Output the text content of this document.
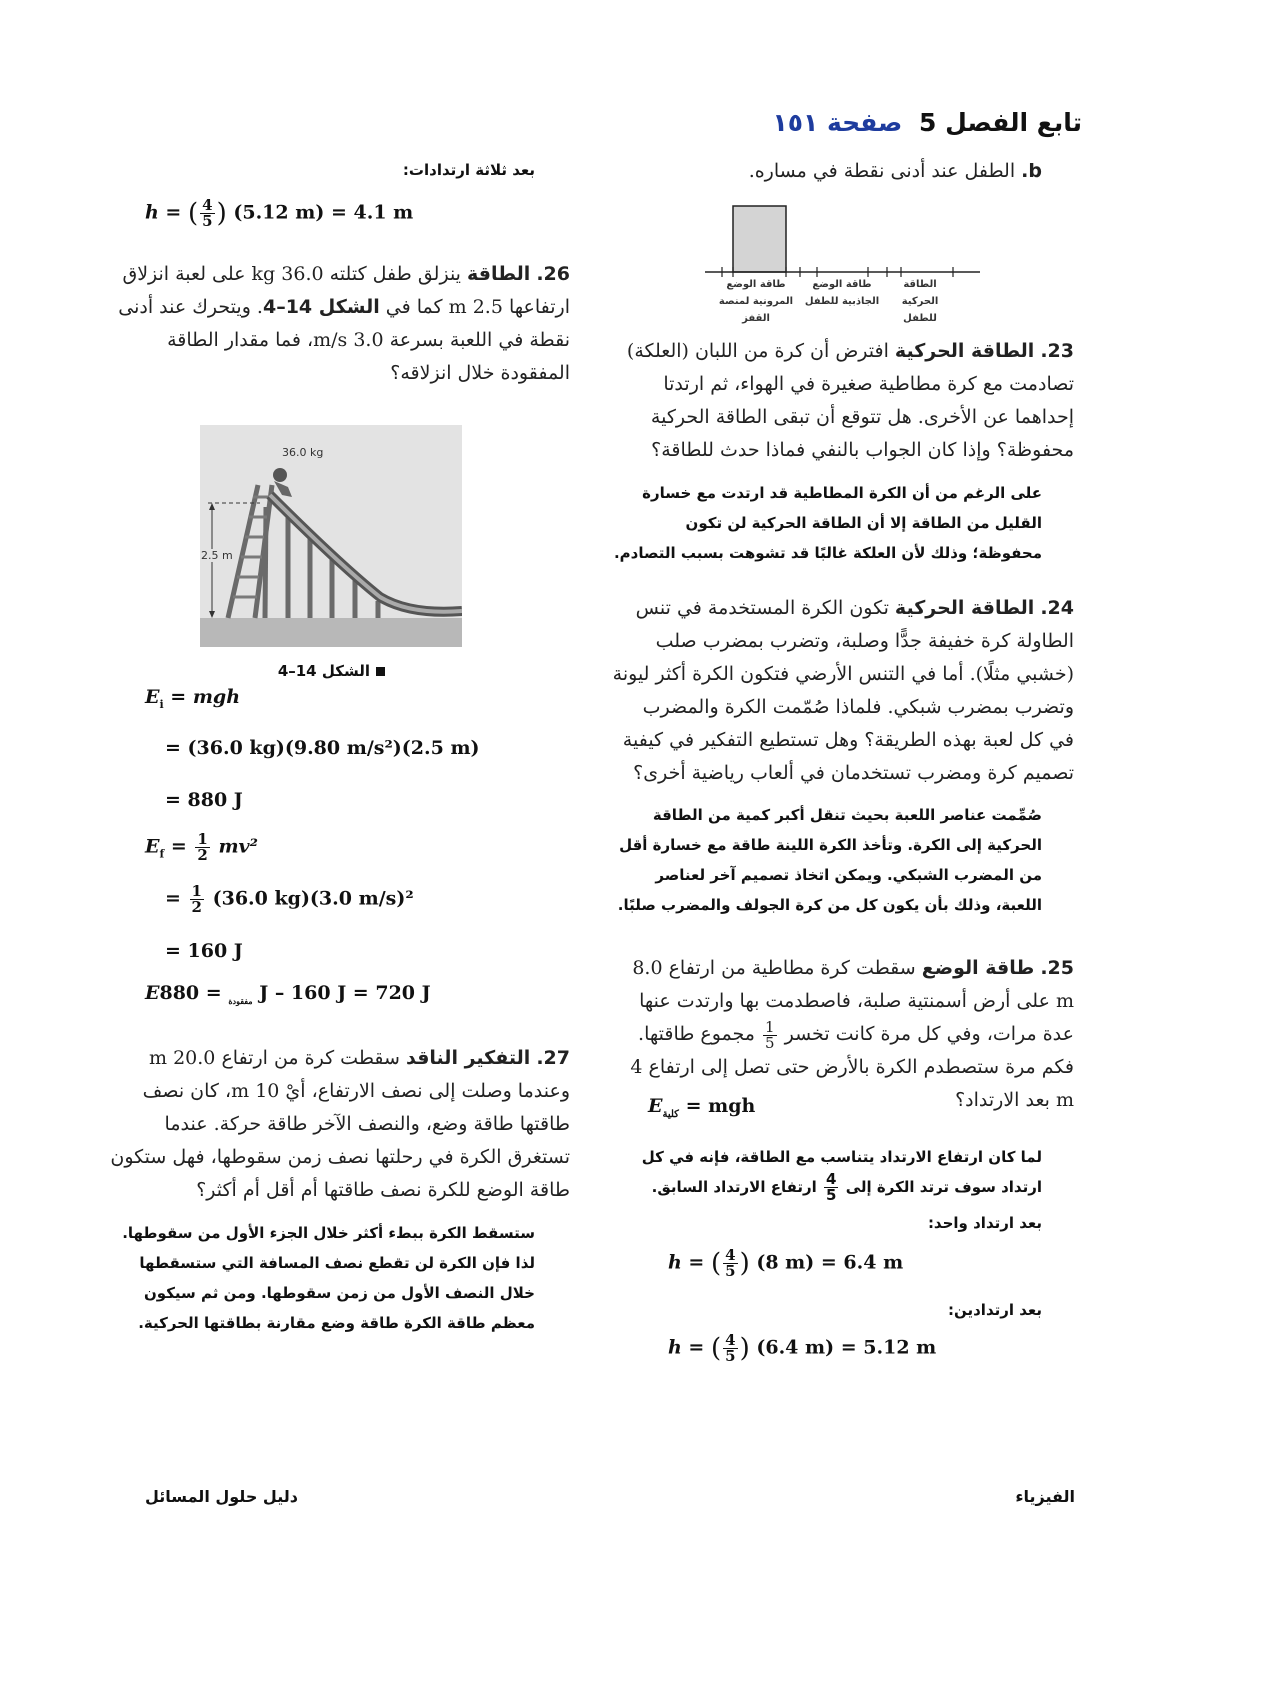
تابع الفصل 5 صفحة ١٥١
b. الطفل عند أدنى نقطة في مساره.
طاقة الوضع المرونية لمنصة القفز
طاقة الوضع الجاذبية للطفل
الطاقة الحركية للطفل
23. الطاقة الحركية افترض أن كرة من اللبان (العلكة) تصادمت مع كرة مطاطية صغيرة في الهواء، ثم ارتدتا إحداهما عن الأخرى. هل تتوقع أن تبقى الطاقة الحركية محفوظة؟ وإذا كان الجواب بالنفي فماذا حدث للطاقة؟
على الرغم من أن الكرة المطاطية قد ارتدت مع خسارة القليل من الطاقة إلا أن الطاقة الحركية لن تكون محفوظة؛ وذلك لأن العلكة غالبًا قد تشوهت بسبب التصادم.
24. الطاقة الحركية تكون الكرة المستخدمة في تنس الطاولة كرة خفيفة جدًّا وصلبة، وتضرب بمضرب صلب (خشبي مثلًا). أما في التنس الأرضي فتكون الكرة أكثر ليونة وتضرب بمضرب شبكي. فلماذا صُمّمت الكرة والمضرب في كل لعبة بهذه الطريقة؟ وهل تستطيع التفكير في كيفية تصميم كرة ومضرب تستخدمان في ألعاب رياضية أخرى؟
صُمِّمت عناصر اللعبة بحيث تنقل أكبر كمية من الطاقة الحركية إلى الكرة. وتأخذ الكرة اللينة طاقة مع خسارة أقل من المضرب الشبكي. ويمكن اتخاذ تصميم آخر لعناصر اللعبة، وذلك بأن يكون كل من كرة الجولف والمضرب صلبًا.
25. طاقة الوضع سقطت كرة مطاطية من ارتفاع 8.0 m على أرض أسمنتية صلبة، فاصطدمت بها وارتدت عنها عدة مرات، وفي كل مرة كانت تخسر
$\frac{1}{5}$
مجموع طاقتها. فكم مرة ستصطدم الكرة بالأرض حتى تصل إلى ارتفاع 4 m بعد الارتداد؟
$E_{كلية}$ = mgh
لما كان ارتفاع الارتداد يتناسب مع الطاقة، فإنه في كل ارتداد سوف ترتد الكرة إلى
$\frac{4}{5}$
ارتفاع الارتداد السابق.
بعد ارتداد واحد:
h = ( $\frac{4}{5}$ ) (8 m) = 6.4 m
بعد ارتدادين:
h = ( $\frac{4}{5}$ ) (6.4 m) = 5.12 m
بعد ثلاثة ارتدادات:
h = ( $\frac{4}{5}$ ) (5.12 m) = 4.1 m
26. الطاقة ينزلق طفل كتلته 36.0 kg على لعبة انزلاق ارتفاعها 2.5 m كما في الشكل 14–4. ويتحرك عند أدنى نقطة في اللعبة بسرعة 3.0 m/s، فما مقدار الطاقة المفقودة خلال انزلاقه؟
36.0 kg
2.5 m
الشكل 14–4
$E_i$ = mgh
= (36.0 kg)(9.80 m/s²)(2.5 m)
= 880 J
$E_f = \frac{1}{2} mv^2$
= $\frac{1}{2} (36.0$ kg)(3.0 m/s)²
= 160 J
E	$_{مفقودة}$ = 880 J – 160 J = 720 J
27. التفكير الناقد سقطت كرة من ارتفاع 20.0 m وعندما وصلت إلى نصف الارتفاع، أيْ 10 m، كان نصف طاقتها طاقة وضع، والنصف الآخر طاقة حركة. عندما تستغرق الكرة في رحلتها نصف زمن سقوطها، فهل ستكون طاقة الوضع للكرة نصف طاقتها أم أقل أم أكثر؟
ستسقط الكرة ببطء أكثر خلال الجزء الأول من سقوطها. لذا فإن الكرة لن تقطع نصف المسافة التي ستسقطها خلال النصف الأول من زمن سقوطها. ومن ثم سيكون معظم طاقة الكرة طاقة وضع مقارنة بطاقتها الحركية.
دليل حلول المسائل	الفيزياء
